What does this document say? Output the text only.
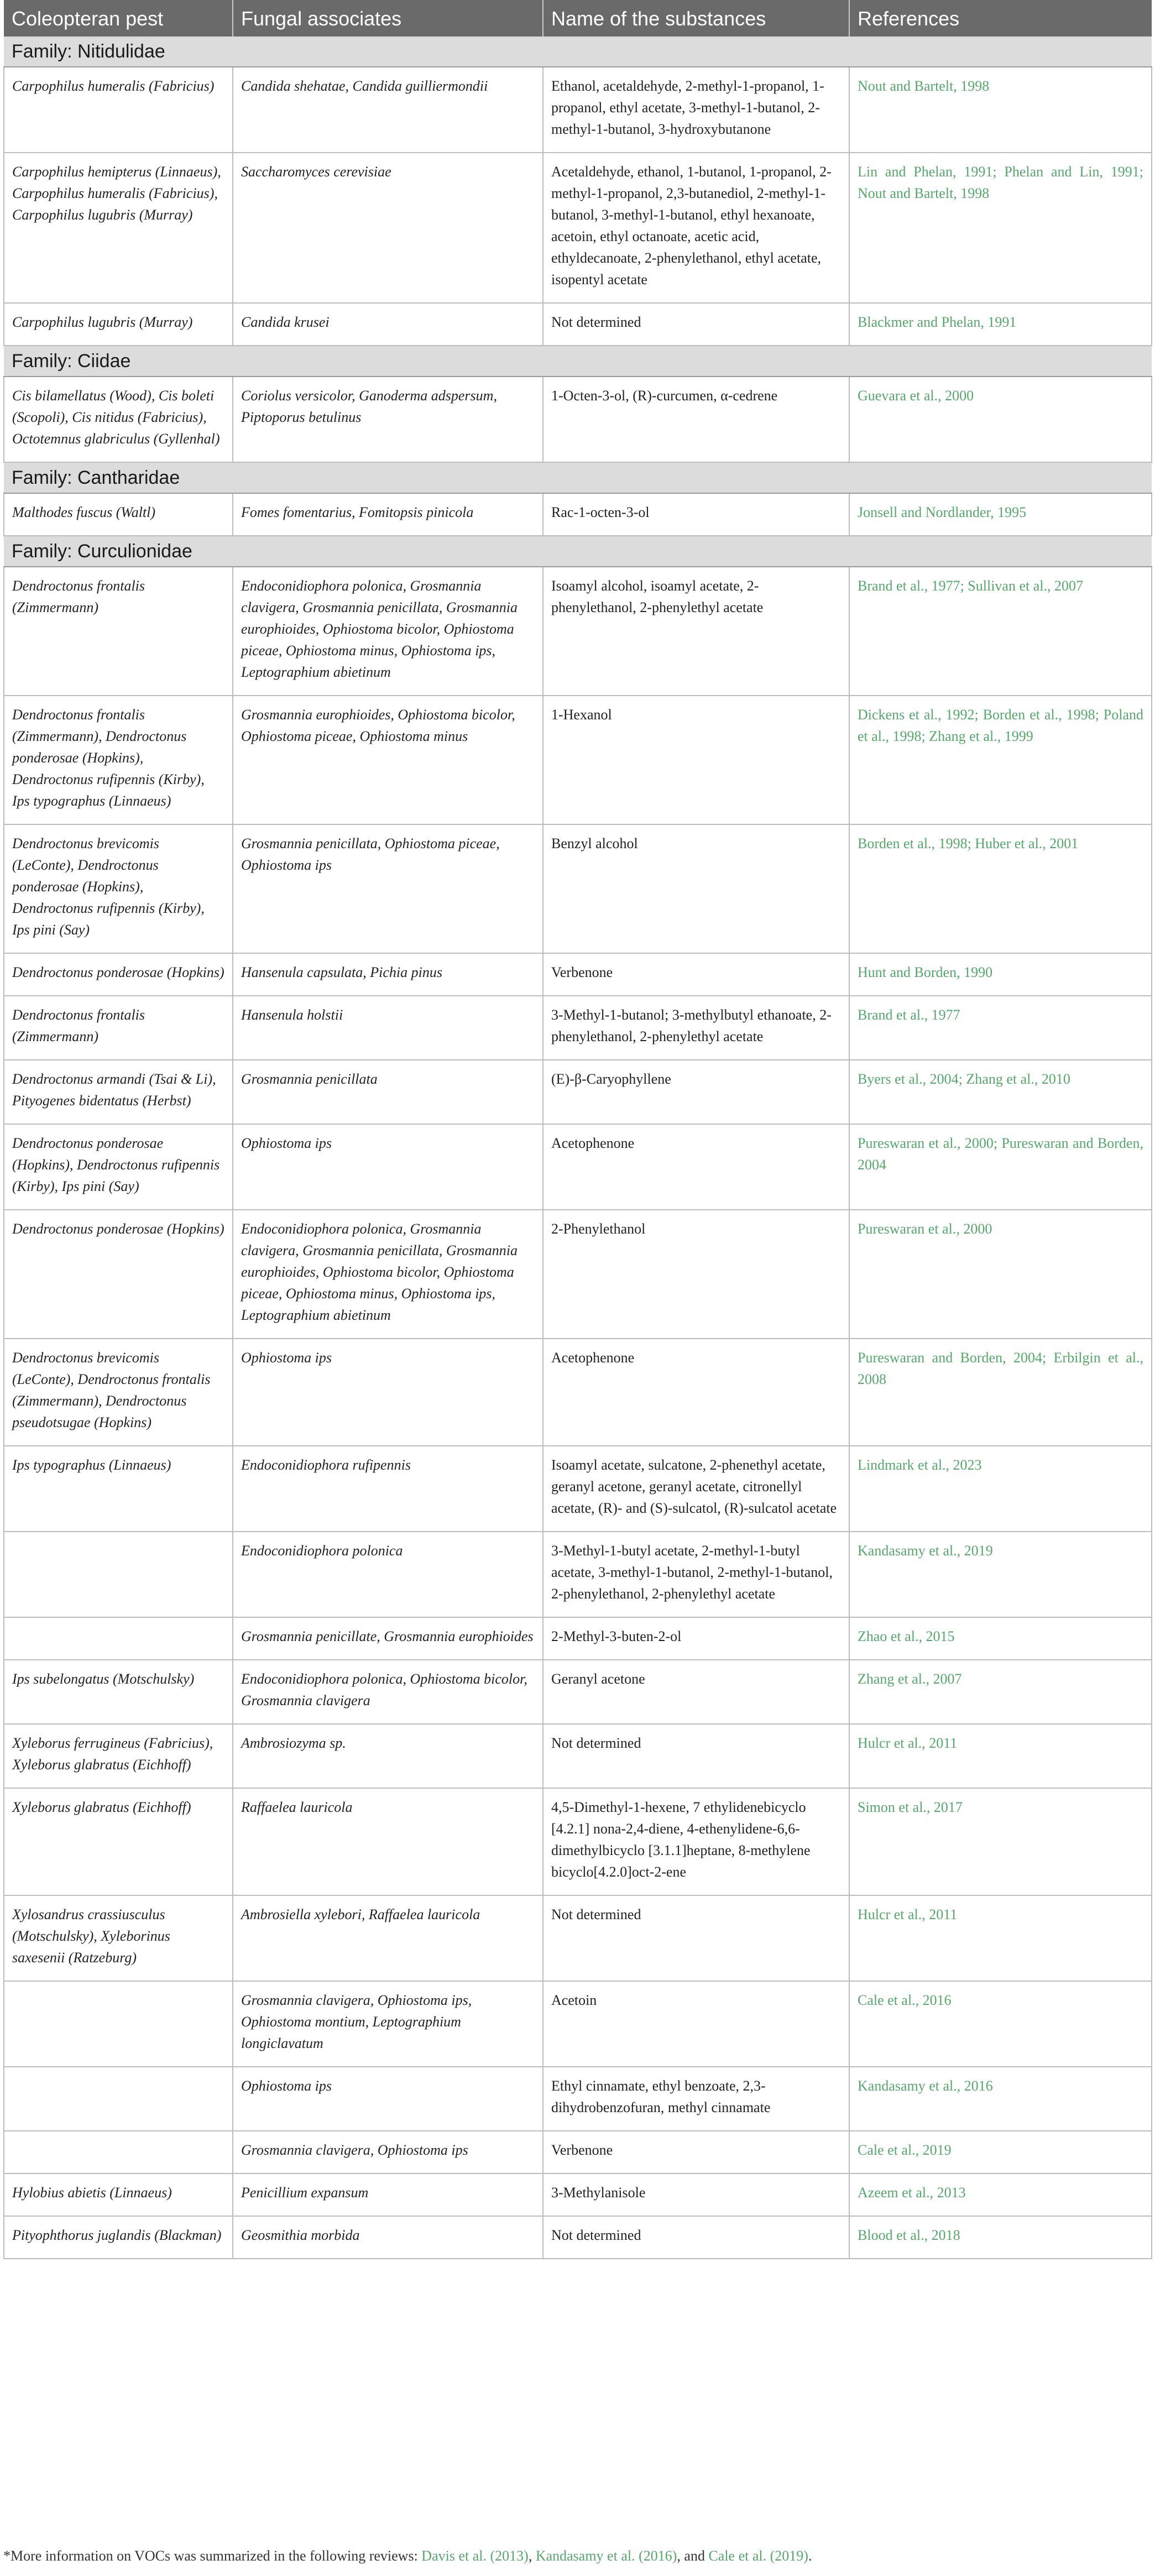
Coleopteran pest	Fungal associates	Name of the substances	References
Family: Nitidulidae			
Carpophilus humeralis (Fabricius)	Candida shehatae, Candida guilliermondii	Ethanol, acetaldehyde, 2-methyl-1-propanol, 1-propanol, ethyl acetate, 3-methyl-1-butanol, 2-methyl-1-butanol, 3-hydroxybutanone	Nout and Bartelt, 1998
Carpophilus hemipterus (Linnaeus), Carpophilus humeralis (Fabricius), Carpophilus lugubris (Murray)	Saccharomyces cerevisiae	Acetaldehyde, ethanol, 1-butanol, 1-propanol, 2-methyl-1-propanol, 2,3-butanediol, 2-methyl-1-butanol, 3-methyl-1-butanol, ethyl hexanoate, acetoin, ethyl octanoate, acetic acid, ethyldecanoate, 2-phenylethanol, ethyl acetate, isopentyl acetate	Lin and Phelan, 1991; Phelan and Lin, 1991; Nout and Bartelt, 1998
Carpophilus lugubris (Murray)	Candida krusei	Not determined	Blackmer and Phelan, 1991
Family: Ciidae			
Cis bilamellatus (Wood), Cis boleti (Scopoli), Cis nitidus (Fabricius), Octotemnus glabriculus (Gyllenhal)	Coriolus versicolor, Ganoderma adspersum, Piptoporus betulinus	1-Octen-3-ol, (R)-curcumen, α-cedrene	Guevara et al., 2000
Family: Cantharidae			
Malthodes fuscus (Waltl)	Fomes fomentarius, Fomitopsis pinicola	Rac-1-octen-3-ol	Jonsell and Nordlander, 1995
Family: Curculionidae			
Dendroctonus frontalis (Zimmermann)	Endoconidiophora polonica, Grosmannia clavigera, Grosmannia penicillata, Grosmannia europhioides, Ophiostoma bicolor, Ophiostoma piceae, Ophiostoma minus, Ophiostoma ips, Leptographium abietinum	Isoamyl alcohol, isoamyl acetate, 2-phenylethanol, 2-phenylethyl acetate	Brand et al., 1977; Sullivan et al., 2007
Dendroctonus frontalis (Zimmermann), Dendroctonus ponderosae (Hopkins), Dendroctonus rufipennis (Kirby), Ips typographus (Linnaeus)	Grosmannia europhioides, Ophiostoma bicolor, Ophiostoma piceae, Ophiostoma minus	1-Hexanol	Dickens et al., 1992; Borden et al., 1998; Poland et al., 1998; Zhang et al., 1999
Dendroctonus brevicomis (LeConte), Dendroctonus ponderosae (Hopkins), Dendroctonus rufipennis (Kirby), Ips pini (Say)	Grosmannia penicillata, Ophiostoma piceae, Ophiostoma ips	Benzyl alcohol	Borden et al., 1998; Huber et al., 2001
Dendroctonus ponderosae (Hopkins)	Hansenula capsulata, Pichia pinus	Verbenone	Hunt and Borden, 1990
Dendroctonus frontalis (Zimmermann)	Hansenula holstii	3-Methyl-1-butanol; 3-methylbutyl ethanoate, 2-phenylethanol, 2-phenylethyl acetate	Brand et al., 1977
Dendroctonus armandi (Tsai & Li), Pityogenes bidentatus (Herbst)	Grosmannia penicillata	(E)-β-Caryophyllene	Byers et al., 2004; Zhang et al., 2010
Dendroctonus ponderosae (Hopkins), Dendroctonus rufipennis (Kirby), Ips pini (Say)	Ophiostoma ips	Acetophenone	Pureswaran et al., 2000; Pureswaran and Borden, 2004
Dendroctonus ponderosae (Hopkins)	Endoconidiophora polonica, Grosmannia clavigera, Grosmannia penicillata, Grosmannia europhioides, Ophiostoma bicolor, Ophiostoma piceae, Ophiostoma minus, Ophiostoma ips, Leptographium abietinum	2-Phenylethanol	Pureswaran et al., 2000
Dendroctonus brevicomis (LeConte), Dendroctonus frontalis (Zimmermann), Dendroctonus pseudotsugae (Hopkins)	Ophiostoma ips	Acetophenone	Pureswaran and Borden, 2004; Erbilgin et al., 2008
Ips typographus (Linnaeus)	Endoconidiophora rufipennis	Isoamyl acetate, sulcatone, 2-phenethyl acetate, geranyl acetone, geranyl acetate, citronellyl acetate, (R)- and (S)-sulcatol, (R)-sulcatol acetate	Lindmark et al., 2023
	Endoconidiophora polonica	3-Methyl-1-butyl acetate, 2-methyl-1-butyl acetate, 3-methyl-1-butanol, 2-methyl-1-butanol, 2-phenylethanol, 2-phenylethyl acetate	Kandasamy et al., 2019
	Grosmannia penicillate, Grosmannia europhioides	2-Methyl-3-buten-2-ol	Zhao et al., 2015
Ips subelongatus (Motschulsky)	Endoconidiophora polonica, Ophiostoma bicolor, Grosmannia clavigera	Geranyl acetone	Zhang et al., 2007
Xyleborus ferrugineus (Fabricius), Xyleborus glabratus (Eichhoff)	Ambrosiozyma sp.	Not determined	Hulcr et al., 2011
Xyleborus glabratus (Eichhoff)	Raffaelea lauricola	4,5-Dimethyl-1-hexene, 7 ethylidenebicyclo [4.2.1] nona-2,4-diene, 4-ethenylidene-6,6-dimethylbicyclo [3.1.1]heptane, 8-methylene bicyclo[4.2.0]oct-2-ene	Simon et al., 2017
Xylosandrus crassiusculus (Motschulsky), Xyleborinus saxesenii (Ratzeburg)	Ambrosiella xylebori, Raffaelea lauricola	Not determined	Hulcr et al., 2011
	Grosmannia clavigera, Ophiostoma ips, Ophiostoma montium, Leptographium longiclavatum	Acetoin	Cale et al., 2016
	Ophiostoma ips	Ethyl cinnamate, ethyl benzoate, 2,3-dihydrobenzofuran, methyl cinnamate	Kandasamy et al., 2016
	Grosmannia clavigera, Ophiostoma ips	Verbenone	Cale et al., 2019
Hylobius abietis (Linnaeus)	Penicillium expansum	3-Methylanisole	Azeem et al., 2013
Pityophthorus juglandis (Blackman)	Geosmithia morbida	Not determined	Blood et al., 2018
*More information on VOCs was summarized in the following reviews: Davis et al. (2013), Kandasamy et al. (2016), and Cale et al. (2019).
